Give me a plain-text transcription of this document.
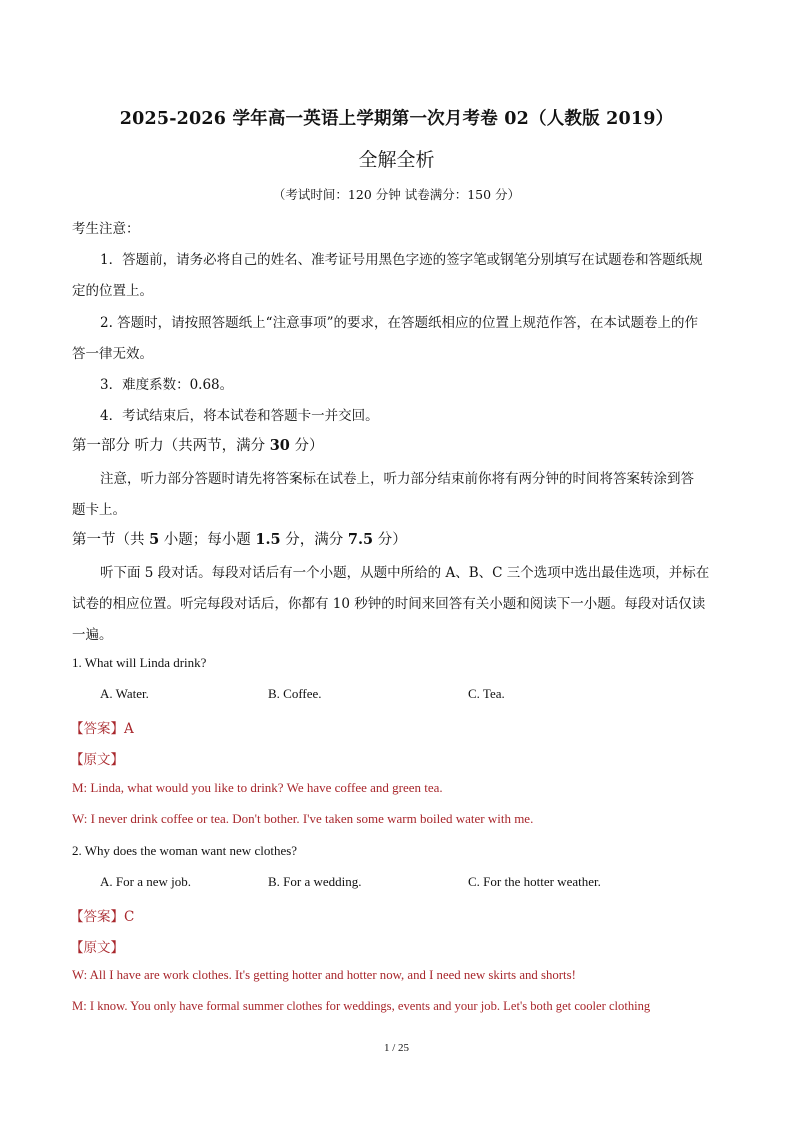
2025-2026 学年高一英语上学期第一次月考卷 02（人教版 2019）
全解全析
（考试时间：120 分钟 试卷满分：150 分）
考生注意：
1．答题前，请务必将自己的姓名、准考证号用黑色字迹的签字笔或钢笔分别填写在试题卷和答题纸规
定的位置上。
2. 答题时，请按照答题纸上“注意事项”的要求，在答题纸相应的位置上规范作答，在本试题卷上的作
答一律无效。
3．难度系数：0.68。
4．考试结束后，将本试卷和答题卡一并交回。
第一部分 听力（共两节，满分 30 分）
注意，听力部分答题时请先将答案标在试卷上，听力部分结束前你将有两分钟的时间将答案转涂到答
题卡上。
第一节（共 5 小题；每小题 1.5 分，满分 7.5 分）
听下面 5 段对话。每段对话后有一个小题，从题中所给的 A、B、C 三个选项中选出最佳选项，并标在
试卷的相应位置。听完每段对话后，你都有 10 秒钟的时间来回答有关小题和阅读下一小题。每段对话仅读
一遍。
1. What will Linda drink?
A. Water.	B. Coffee.	C. Tea.
【答案】A
【原文】
M: Linda, what would you like to drink? We have coffee and green tea.
W: I never drink coffee or tea. Don't bother. I've taken some warm boiled water with me.
2. Why does the woman want new clothes?
A. For a new job.	B. For a wedding.	C. For the hotter weather.
【答案】C
【原文】
W: All I have are work clothes. It's getting hotter and hotter now, and I need new skirts and shorts!
M: I know. You only have formal summer clothes for weddings, events and your job. Let's both get cooler clothing
1 / 25
